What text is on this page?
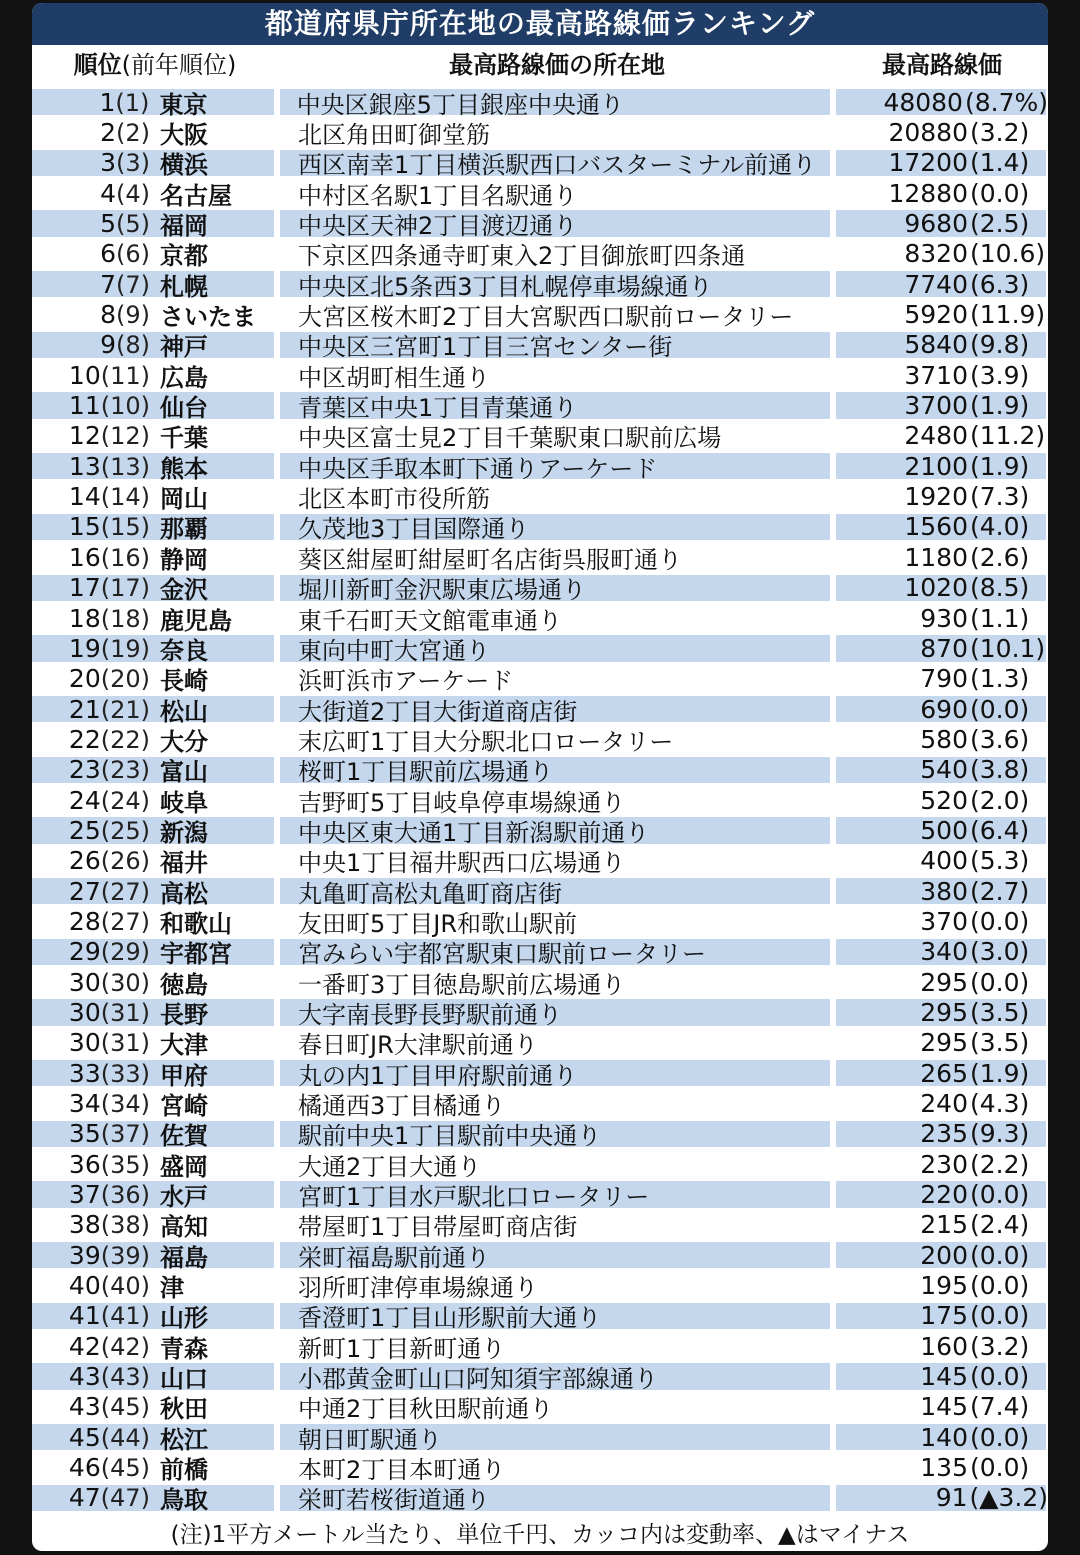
都道府県庁所在地の最高路線価ランキング
順位(前年順位)	最高路線価の所在地	最高路線価
1(1) 東京	中央区銀座5丁目銀座中央通り	48080 (8.7%)
2(2) 大阪	北区角田町御堂筋	20880 (3.2)
3(3) 横浜	西区南幸1丁目横浜駅西口バスターミナル前通り	17200 (1.4)
4(4) 名古屋	中村区名駅1丁目名駅通り	12880 (0.0)
5(5) 福岡	中央区天神2丁目渡辺通り	9680 (2.5)
6(6) 京都	下京区四条通寺町東入2丁目御旅町四条通	8320 (10.6)
7(7) 札幌	中央区北5条西3丁目札幌停車場線通り	7740 (6.3)
8(9) さいたま	大宮区桜木町2丁目大宮駅西口駅前ロータリー	5920 (11.9)
9(8) 神戸	中央区三宮町1丁目三宮センター街	5840 (9.8)
10(11) 広島	中区胡町相生通り	3710 (3.9)
11(10) 仙台	青葉区中央1丁目青葉通り	3700 (1.9)
12(12) 千葉	中央区富士見2丁目千葉駅東口駅前広場	2480 (11.2)
13(13) 熊本	中央区手取本町下通りアーケード	2100 (1.9)
14(14) 岡山	北区本町市役所筋	1920 (7.3)
15(15) 那覇	久茂地3丁目国際通り	1560 (4.0)
16(16) 静岡	葵区紺屋町紺屋町名店街呉服町通り	1180 (2.6)
17(17) 金沢	堀川新町金沢駅東広場通り	1020 (8.5)
18(18) 鹿児島	東千石町天文館電車通り	930 (1.1)
19(19) 奈良	東向中町大宮通り	870 (10.1)
20(20) 長崎	浜町浜市アーケード	790 (1.3)
21(21) 松山	大街道2丁目大街道商店街	690 (0.0)
22(22) 大分	末広町1丁目大分駅北口ロータリー	580 (3.6)
23(23) 富山	桜町1丁目駅前広場通り	540 (3.8)
24(24) 岐阜	吉野町5丁目岐阜停車場線通り	520 (2.0)
25(25) 新潟	中央区東大通1丁目新潟駅前通り	500 (6.4)
26(26) 福井	中央1丁目福井駅西口広場通り	400 (5.3)
27(27) 高松	丸亀町高松丸亀町商店街	380 (2.7)
28(27) 和歌山	友田町5丁目JR和歌山駅前	370 (0.0)
29(29) 宇都宮	宮みらい宇都宮駅東口駅前ロータリー	340 (3.0)
30(30) 徳島	一番町3丁目徳島駅前広場通り	295 (0.0)
30(31) 長野	大字南長野長野駅前通り	295 (3.5)
30(31) 大津	春日町JR大津駅前通り	295 (3.5)
33(33) 甲府	丸の内1丁目甲府駅前通り	265 (1.9)
34(34) 宮崎	橘通西3丁目橘通り	240 (4.3)
35(37) 佐賀	駅前中央1丁目駅前中央通り	235 (9.3)
36(35) 盛岡	大通2丁目大通り	230 (2.2)
37(36) 水戸	宮町1丁目水戸駅北口ロータリー	220 (0.0)
38(38) 高知	帯屋町1丁目帯屋町商店街	215 (2.4)
39(39) 福島	栄町福島駅前通り	200 (0.0)
40(40) 津	羽所町津停車場線通り	195 (0.0)
41(41) 山形	香澄町1丁目山形駅前大通り	175 (0.0)
42(42) 青森	新町1丁目新町通り	160 (3.2)
43(43) 山口	小郡黄金町山口阿知須宇部線通り	145 (0.0)
43(45) 秋田	中通2丁目秋田駅前通り	145 (7.4)
45(44) 松江	朝日町駅通り	140 (0.0)
46(45) 前橋	本町2丁目本町通り	135 (0.0)
47(47) 鳥取	栄町若桜街道通り	91 (▲3.2)
(注)1平方メートル当たり、単位千円、カッコ内は変動率、▲はマイナス
